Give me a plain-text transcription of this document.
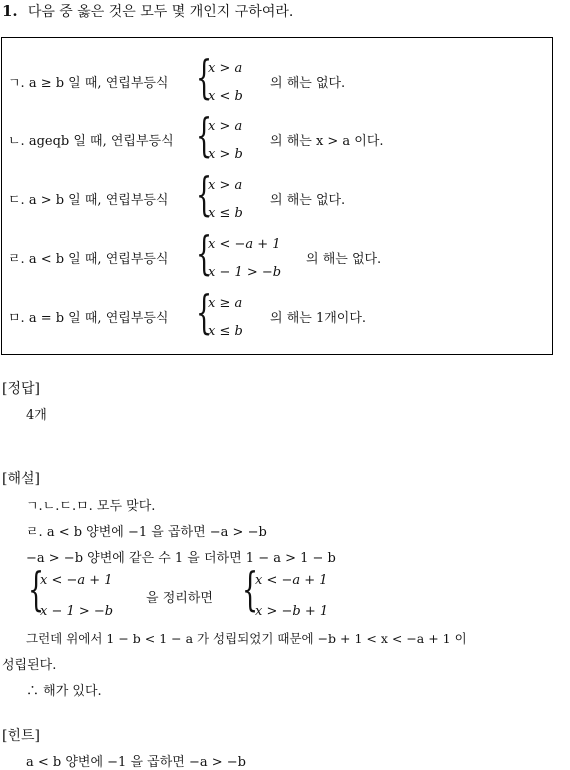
1. 다음 중 옳은 것은 모두 몇 개인지 구하여라.
ㄱ. a ≥ b 일 때, 연립부등식 {
x > a
x < b
의 해는 없다.
ㄴ. ageqb 일 때, 연립부등식 {
x > a
x > b
의 해는 x > a 이다.
ㄷ. a > b 일 때, 연립부등식 {
x > a
x ≤ b
의 해는 없다.
ㄹ. a < b 일 때, 연립부등식 {
x < −a + 1
x − 1 > −b
의 해는 없다.
ㅁ. a = b 일 때, 연립부등식 {
x ≥ a
x ≤ b
의 해는 1개이다.
[정답]
4개
[해설]
ㄱ.ㄴ.ㄷ.ㅁ. 모두 맞다.
ㄹ. a < b 양변에 −1 을 곱하면 −a > −b
−a > −b 양변에 같은 수 1 을 더하면 1 − a > 1 − b
{
x < −a + 1
x − 1 > −b
을 정리하면 {
x < −a + 1
x > −b + 1
그런데 위에서 1 − b < 1 − a 가 성립되었기 때문에 −b + 1 < x < −a + 1 이
성립된다.
∴ 해가 있다.
[힌트]
a < b 양변에 −1 을 곱하면 −a > −b
